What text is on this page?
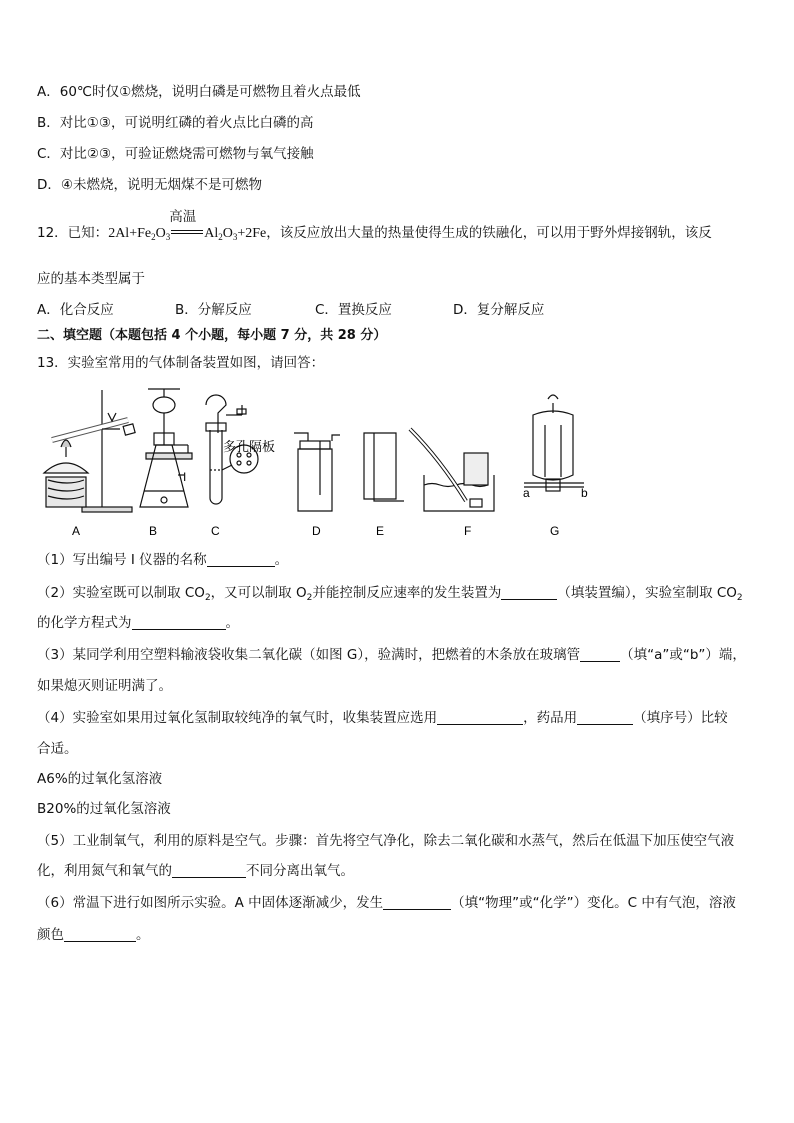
A．60℃时仅①燃烧，说明白磷是可燃物且着火点最低
B．对比①③，可说明红磷的着火点比白磷的高
C．对比②③，可验证燃烧需可燃物与氧气接触
D．④未燃烧，说明无烟煤不是可燃物
12．已知：$2Al+Fe_2O_3$
高温
$Al_2O_3+2Fe$，该反应放出大量的热量使得生成的铁融化，可以用于野外焊接钢轨，该反
应的基本类型属于
A．化合反应	B．分解反应	C．置换反应	D．复分解反应
二、填空题（本题包括 4 个小题，每小题 7 分，共 28 分）
13．实验室常用的气体制备装置如图，请回答：
I
多孔隔板
a	b
A	B	C	D	E	F	G
（1）写出编号 I 仪器的名称	。
（2）实验室既可以制取 $CO_2$，又可以制取 $O_2$并能控制反应速率的发生装置为	（填装置编），实验室制取 $CO_2$
的化学方程式为	。
（3）某同学利用空塑料输液袋收集二氧化碳（如图 G），验满时，把燃着的木条放在玻璃管	（填“a”或“b”）端，
如果熄灭则证明满了。
（4）实验室如果用过氧化氢制取较纯净的氧气时，收集装置应选用	，药品用	（填序号）比较
合适。
A6%的过氧化氢溶液
B20%的过氧化氢溶液
（5）工业制氧气，利用的原料是空气。步骤：首先将空气净化，除去二氧化碳和水蒸气，然后在低温下加压使空气液
化，利用氮气和氧气的	不同分离出氧气。
（6）常温下进行如图所示实验。A 中固体逐渐减少，发生	（填“物理”或“化学”）变化。C 中有气泡，溶液
颜色	。
